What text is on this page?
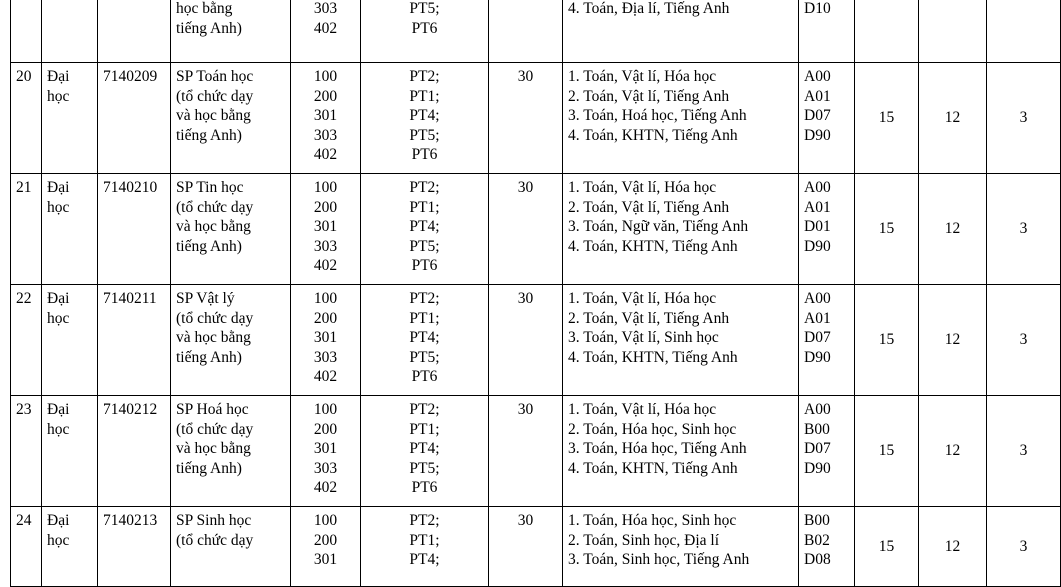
			học bằng
tiếng Anh)	303
402	PT5;
PT6		4. Toán, Địa lí, Tiếng Anh	D10			

20	Đại
học	7140209	SP Toán học
(tổ chức dạy
và học bằng
tiếng Anh)	100
200
301
303
402	PT2;
PT1;
PT4;
PT5;
PT6	30	1. Toán, Vật lí, Hóa học
2. Toán, Vật lí, Tiếng Anh
3. Toán, Hoá học, Tiếng Anh
4. Toán, KHTN, Tiếng Anh	A00
A01
D07
D90	15	12	3
21	Đại
học	7140210	SP Tin học
(tổ chức dạy
và học bằng
tiếng Anh)	100
200
301
303
402	PT2;
PT1;
PT4;
PT5;
PT6	30	1. Toán, Vật lí, Hóa học
2. Toán, Vật lí, Tiếng Anh
3. Toán, Ngữ văn, Tiếng Anh
4. Toán, KHTN, Tiếng Anh	A00
A01
D01
D90	15	12	3
22	Đại
học	7140211	SP Vật lý
(tổ chức dạy
và học bằng
tiếng Anh)	100
200
301
303
402	PT2;
PT1;
PT4;
PT5;
PT6	30	1. Toán, Vật lí, Hóa học
2. Toán, Vật lí, Tiếng Anh
3. Toán, Vật lí, Sinh học
4. Toán, KHTN, Tiếng Anh	A00
A01
D07
D90	15	12	3
23	Đại
học	7140212	SP Hoá học
(tổ chức dạy
và học bằng
tiếng Anh)	100
200
301
303
402	PT2;
PT1;
PT4;
PT5;
PT6	30	1. Toán, Vật lí, Hóa học
2. Toán, Hóa học, Sinh học
3. Toán, Hóa học, Tiếng Anh
4. Toán, KHTN, Tiếng Anh	A00
B00
D07
D90	15	12	3
24	Đại
học	7140213	SP Sinh học
(tổ chức dạy	100
200
301	PT2;
PT1;
PT4;	30	1. Toán, Hóa học, Sinh học
2. Toán, Sinh học, Địa lí
3. Toán, Sinh học, Tiếng Anh	B00
B02
D08	15	12	3
